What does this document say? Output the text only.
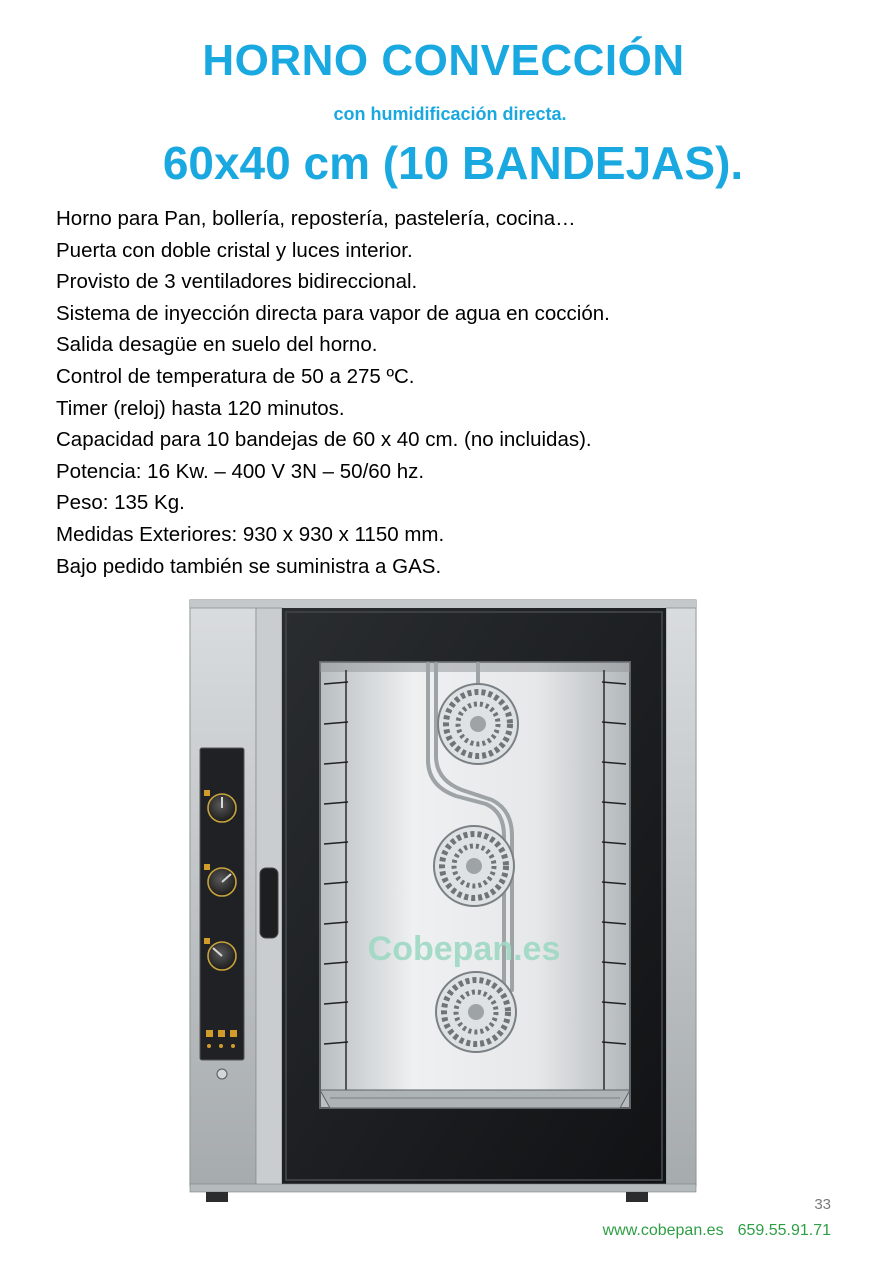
HORNO CONVECCIÓN
con humidificación directa.
60x40 cm (10 BANDEJAS).
Horno para Pan, bollería, repostería, pastelería, cocina…
Puerta con doble cristal y luces interior.
Provisto de 3 ventiladores bidireccional.
Sistema de inyección directa para vapor de agua en cocción.
Salida desagüe en suelo del horno.
Control de temperatura de 50 a 275 ºC.
Timer (reloj) hasta 120 minutos.
Capacidad para 10 bandejas de 60 x 40 cm. (no incluidas).
Potencia: 16 Kw. – 400 V 3N – 50/60 hz.
Peso: 135 Kg.
Medidas Exteriores: 930 x 930 x 1150 mm.
Bajo pedido también se suministra a GAS.
Cobepan.es
33
www.cobepan.es 659.55.91.71
